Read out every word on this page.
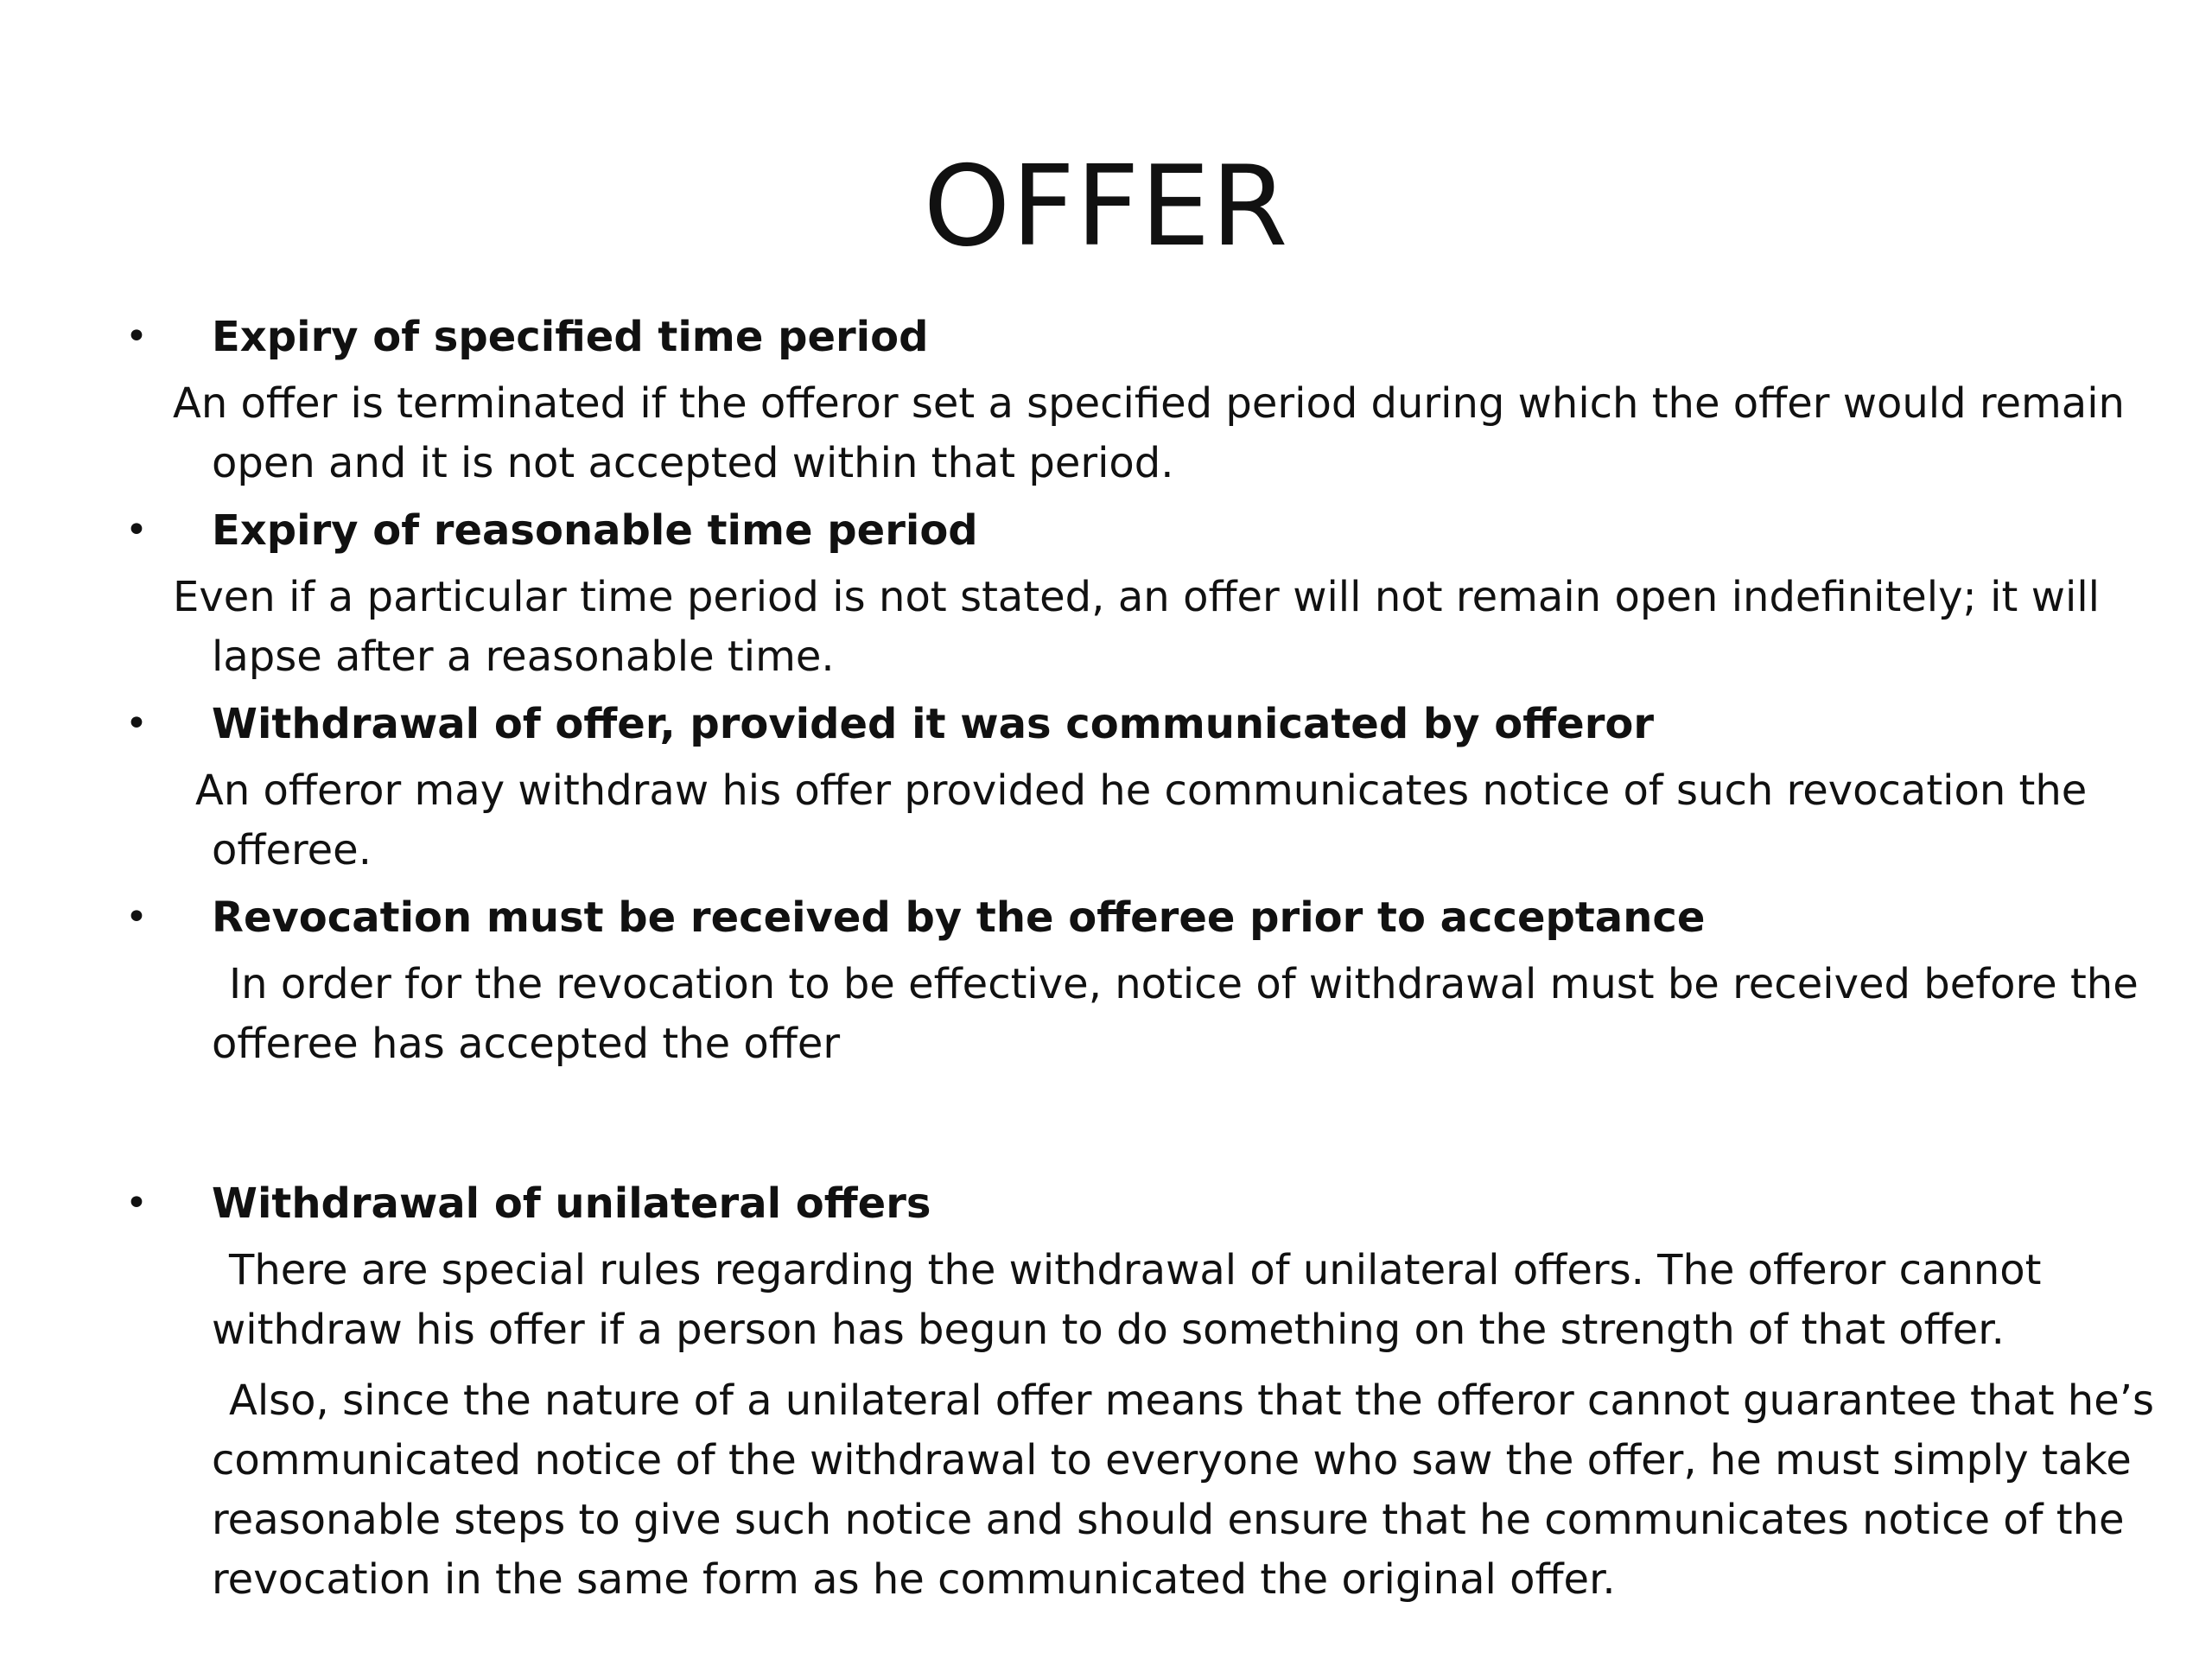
OFFER
• Expiry of specified time period
An offer is terminated if the offeror set a specified period during which the offer would remain
open and it is not accepted within that period.
• Expiry of reasonable time period
Even if a particular time period is not stated, an offer will not remain open indefinitely; it will
lapse after a reasonable time.
• Withdrawal of offer, provided it was communicated by offeror
An offeror may withdraw his offer provided he communicates notice of such revocation the
offeree.
• Revocation must be received by the offeree prior to acceptance
In order for the revocation to be effective, notice of withdrawal must be received before the
offeree has accepted the offer
• Withdrawal of unilateral offers
There are special rules regarding the withdrawal of unilateral offers. The offeror cannot
withdraw his offer if a person has begun to do something on the strength of that offer.
Also, since the nature of a unilateral offer means that the offeror cannot guarantee that he’s
communicated notice of the withdrawal to everyone who saw the offer, he must simply take
reasonable steps to give such notice and should ensure that he communicates notice of the
revocation in the same form as he communicated the original offer.
